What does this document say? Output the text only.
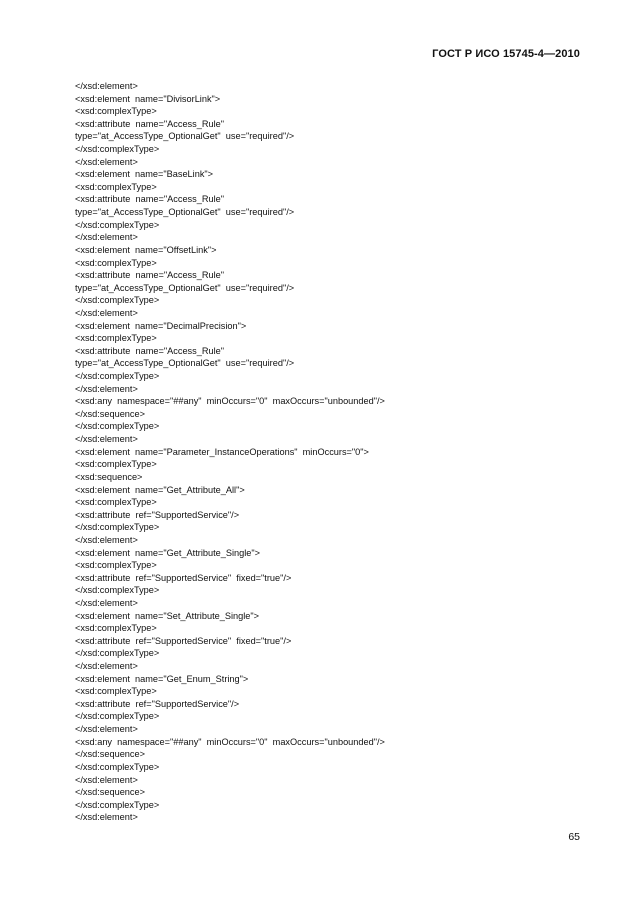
ГОСТ Р ИСО 15745-4—2010
</xsd:element>
<xsd:element  name="DivisorLink">
<xsd:complexType>
<xsd:attribute  name="Access_Rule"
type="at_AccessType_OptionalGet"  use="required"/>
</xsd:complexType>
</xsd:element>
<xsd:element  name="BaseLink">
<xsd:complexType>
<xsd:attribute  name="Access_Rule"
type="at_AccessType_OptionalGet"  use="required"/>
</xsd:complexType>
</xsd:element>
<xsd:element  name="OffsetLink">
<xsd:complexType>
<xsd:attribute  name="Access_Rule"
type="at_AccessType_OptionalGet"  use="required"/>
</xsd:complexType>
</xsd:element>
<xsd:element  name="DecimalPrecision">
<xsd:complexType>
<xsd:attribute  name="Access_Rule"
type="at_AccessType_OptionalGet"  use="required"/>
</xsd:complexType>
</xsd:element>
<xsd:any  namespace="##any"  minOccurs="0"  maxOccurs="unbounded"/>
</xsd:sequence>
</xsd:complexType>
</xsd:element>
<xsd:element  name="Parameter_InstanceOperations"  minOccurs="0">
<xsd:complexType>
<xsd:sequence>
<xsd:element  name="Get_Attribute_All">
<xsd:complexType>
<xsd:attribute  ref="SupportedService"/>
</xsd:complexType>
</xsd:element>
<xsd:element  name="Get_Attribute_Single">
<xsd:complexType>
<xsd:attribute  ref="SupportedService"  fixed="true"/>
</xsd:complexType>
</xsd:element>
<xsd:element  name="Set_Attribute_Single">
<xsd:complexType>
<xsd:attribute  ref="SupportedService"  fixed="true"/>
</xsd:complexType>
</xsd:element>
<xsd:element  name="Get_Enum_String">
<xsd:complexType>
<xsd:attribute  ref="SupportedService"/>
</xsd:complexType>
</xsd:element>
<xsd:any  namespace="##any"  minOccurs="0"  maxOccurs="unbounded"/>
</xsd:sequence>
</xsd:complexType>
</xsd:element>
</xsd:sequence>
</xsd:complexType>
</xsd:element>
65
